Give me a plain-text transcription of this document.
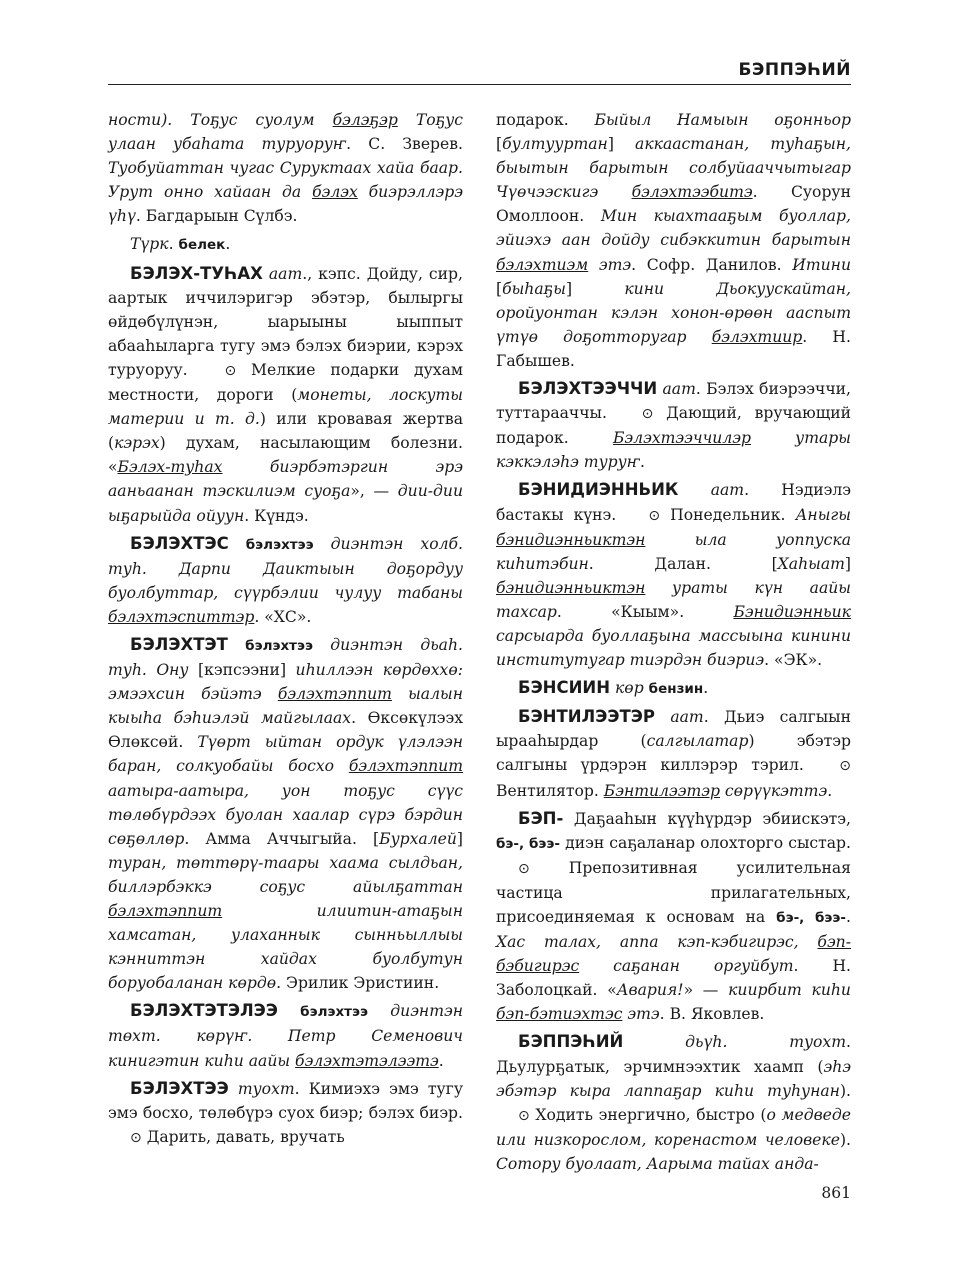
БЭППЭҺИЙ

ности). Тоҕус суолум бэлэҕэр Тоҕус улаан убаһата туруоруҥ. С. Зверев. Туобуйаттан чугас Суруктаах хайа баар. Урут онно хайаан да бэлэх биэрэллэрэ үһү. Багдарыын Сүлбэ.

Түрк. белек.

БЭЛЭХ-ТУҺАХ аат., кэпс. Дойду, сир, аартык иччилэригэр эбэтэр, былыргы өйдөбүлүнэн, ыарыыны ыыппыт абааһыларга тугу эмэ бэлэх биэрии, кэрэх туруоруу. ⊙ Мелкие подарки духам местности, дороги (монеты, лоскуты материи и т. д.) или кровавая жертва (кэрэх) духам, насылающим болезни. «Бэлэх-туһах биэрбэтэргин эрэ ааньаанан тэскилиэм суоҕа», — дии-дии ыҕарыйда ойуун. Күндэ.

БЭЛЭХТЭС бэлэхтээ диэнтэн холб. туһ. Дарпи Даиктыын доҕордуу буолбуттар, сүүрбэлии чулуу табаны бэлэхтэспиттэр. «ХС».

БЭЛЭХТЭТ бэлэхтээ диэнтэн дьаһ. туһ. Ону [кэпсээни] иһиллээн көрдөххө: эмээхсин бэйэтэ бэлэхтэппит ыалын кыыһа бэһиэлэй майгылаах. Өксөкүлээх Өлөксөй. Түөрт ыйтан ордук үлэлээн баран, солкуобайы босхо бэлэхтэппит аатыра-аатыра, уон тоҕус сүүс төлөбүрдээх буолан хаалар сүрэ бэрдин сөҕөллөр. Амма Аччыгыйа. [Бурхалей] туран, төттөрү-таары хаама сылдьан, биллэрбэккэ соҕус айылҕаттан бэлэхтэппит илиитин-атаҕын хамсатан, улаханнык сынньыллыы кэнниттэн хайдах буолбутун боруобаланан көрдө. Эрилик Эристиин.

БЭЛЭХТЭТЭЛЭЭ бэлэхтээ диэнтэн төхт. көрүҥ. Петр Семенович кинигэтин киһи аайы бэлэхтэтэлээтэ.

БЭЛЭХТЭЭ туохт. Кимиэхэ эмэ тугу эмэ босхо, төлөбүрэ суох биэр; бэлэх биэр. ⊙ Дарить, давать, вручать

подарок. Быйыл Намыын оҕонньор [бултууртан] аккаастанан, туһаҕын, быытын барытын солбуйааччытыгар Чүөчээскигэ бэлэхтээбитэ. Суорун Омоллоон. Мин кыахтааҕым буоллар, эйиэхэ аан дойду сибэккитин барытын бэлэхтиэм этэ. Софр. Данилов. Итини [быһаҕы] кини Дьокуускайтан, оройуонтан кэлэн хонон-өрөөн ааспыт үтүө доҕотторугар бэлэхтиир. Н. Габышев.

БЭЛЭХТЭЭЧЧИ аат. Бэлэх биэрээччи, туттарааччы. ⊙ Дающий, вручающий подарок. Бэлэхтээччилэр утары кэккэлэһэ туруҥ.

БЭНИДИЭННЬИК аат. Нэдиэлэ бастакы күнэ. ⊙ Понедельник. Аныгы бэнидиэнньиктэн ыла уоппуска киһитэбин. Далан. [Хаһыат] бэнидиэнньиктэн ураты күн аайы тахсар. «Кыым». Бэнидиэнньик сарсыарда буоллаҕына массыына кинини институтугар тиэрдэн биэриэ. «ЭК».

БЭНСИИН көр бензин.

БЭНТИЛЭЭТЭР аат. Дьиэ салгыын ырааһырдар (салгылатар) эбэтэр салгыны үрдэрэн киллэрэр тэрил. ⊙ Вентилятор. Бэнтилээтэр сөрүүкэттэ.

БЭП- Даҕааһын күүһүрдэр эбиискэтэ, бэ-, бээ- диэн саҕаланар олохторго сыстар. ⊙ Препозитивная усилительная частица прилагательных, присоединяемая к основам на бэ-, бээ-. Хас талах, аппа кэп-кэбигирэс, бэп-бэбигирэс саҕанан оргуйбут. Н. Заболоцкай. «Авария!» — киирбит киһи бэп-бэтиэхтэс этэ. В. Яковлев.

БЭППЭҺИЙ	дьүһ. туохт. Дьулурҕатык, эрчимнээхтик хаамп (эһэ эбэтэр кыра лаппаҕар киһи туһунан). ⊙ Ходить энергично, быстро (о медведе или низкорослом, коренастом человеке). Сотору буолаат, Аарыма тайах анда-

861
